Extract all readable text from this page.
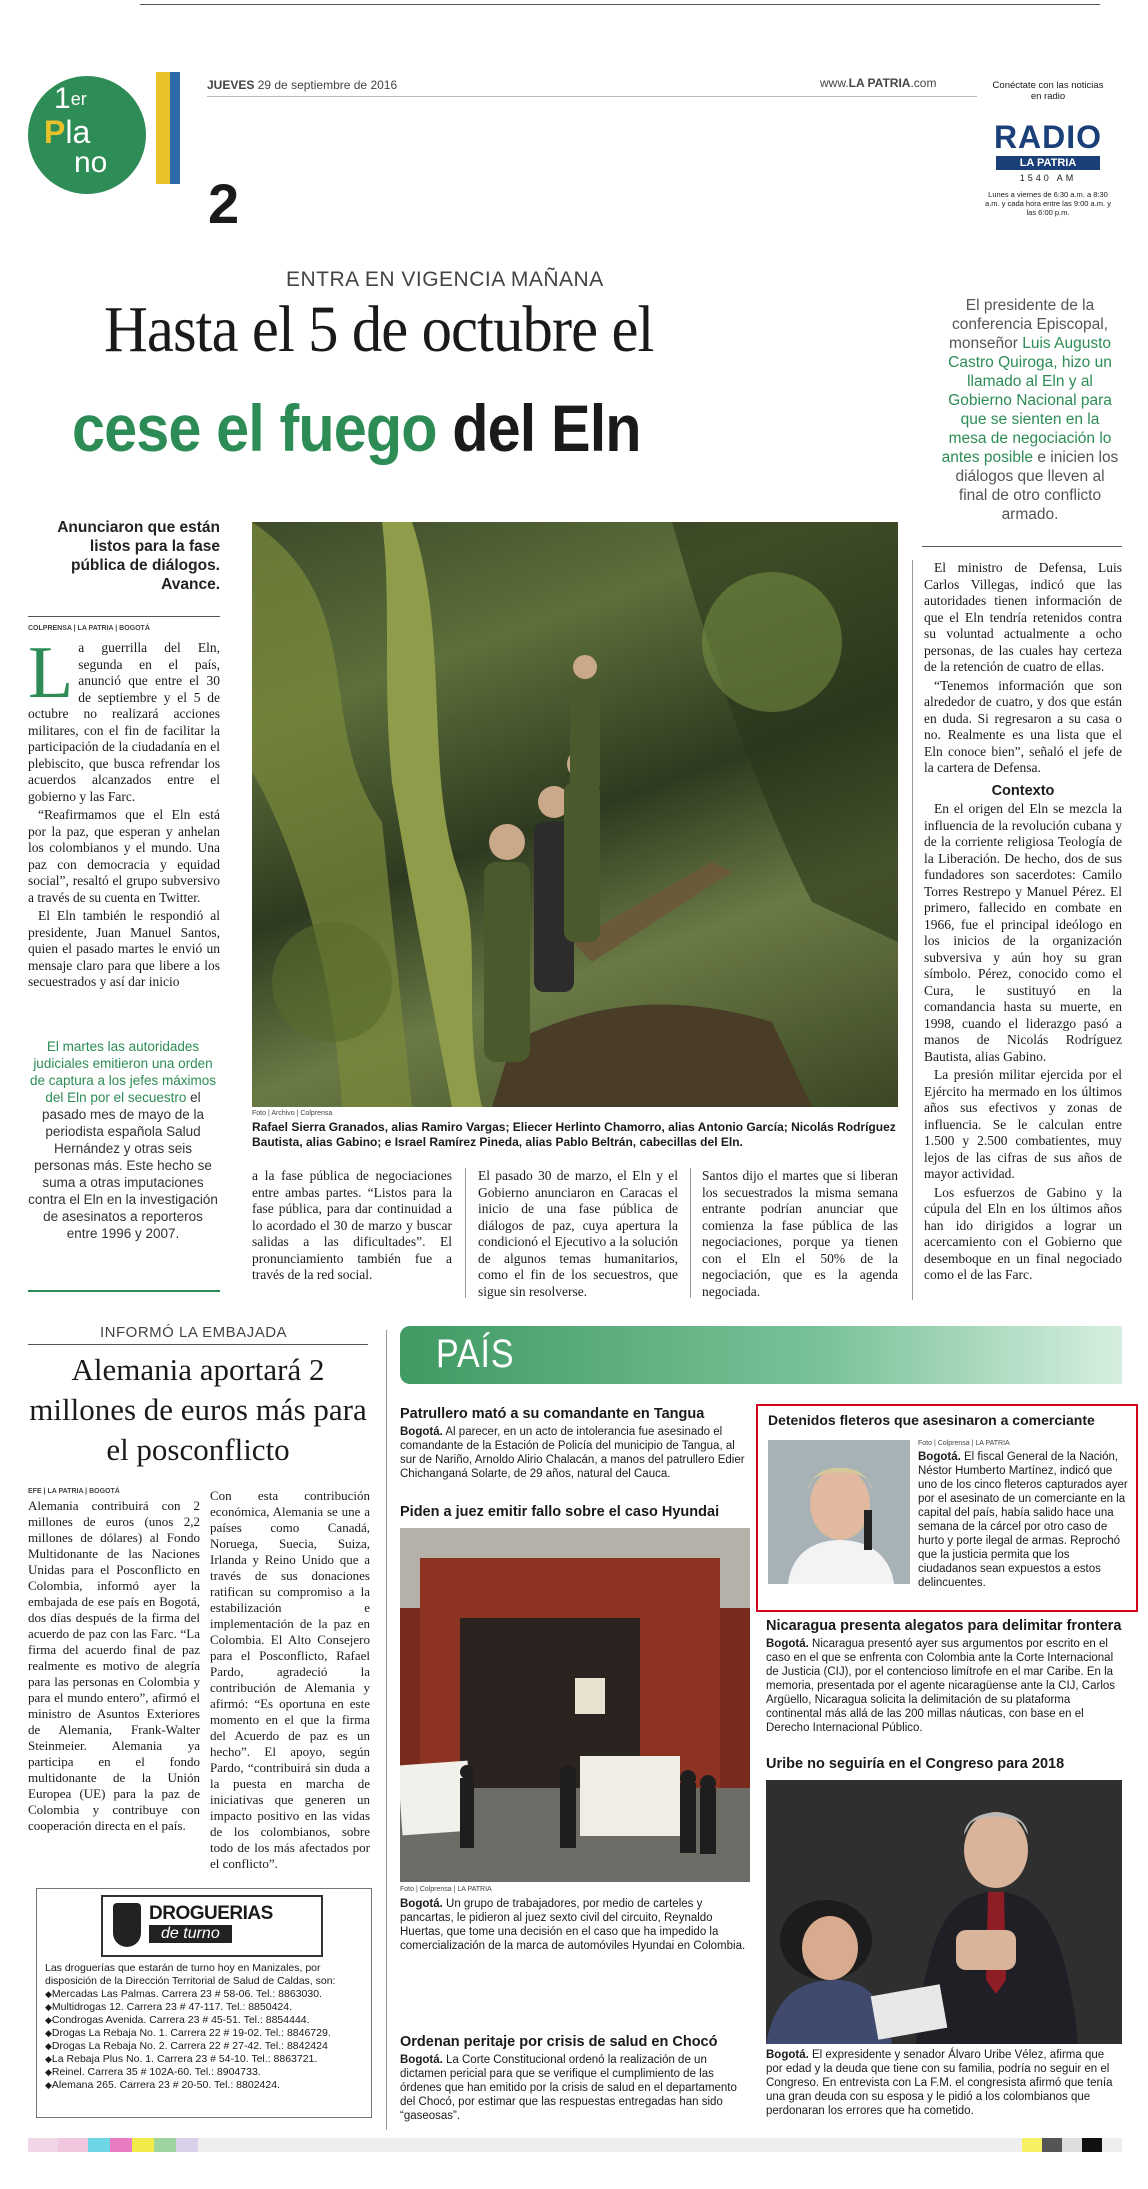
1er
Pla
no
2
JUEVES 29 de septiembre de 2016	www.LA PATRIA.com	Conéctate con las noticias en radio
RADIO
LA PATRIA
1540 AM
Lunes a viernes de 6:30 a.m. a 8:30 a.m. y cada hora entre las 9:00 a.m. y las 6:00 p.m.
ENTRA EN VIGENCIA MAÑANA
Hasta el 5 de octubre el
cese el fuego del Eln
El presidente de la conferencia Episcopal, monseñor Luis Augusto Castro Quiroga, hizo un llamado al Eln y al Gobierno Nacional para que se sienten en la mesa de negociación lo antes posible e inicien los diálogos que lleven al final de otro conflicto armado.
Anunciaron que están listos para la fase pública de diálogos. Avance.
COLPRENSA | LA PATRIA | BOGOTÁ

La guerrilla del Eln, segunda en el país, anunció que entre el 30 de septiembre y el 5 de octubre no realizará acciones militares, con el fin de facilitar la participación de la ciudadanía en el plebiscito, que busca refrendar los acuerdos alcanzados entre el gobierno y las Farc.

“Reafirmamos que el Eln está por la paz, que esperan y anhelan los colombianos y el mundo. Una paz con democracia y equidad social”, resaltó el grupo subversivo a través de su cuenta en Twitter.

El Eln también le respondió al presidente, Juan Manuel Santos, quien el pasado martes le envió un mensaje claro para que libere a los secuestrados y así dar inicio

El martes las autoridades judiciales emitieron una orden de captura a los jefes máximos del Eln por el secuestro el pasado mes de mayo de la periodista española Salud Hernández y otras seis personas más. Este hecho se suma a otras imputaciones contra el Eln en la investigación de asesinatos a reporteros entre 1996 y 2007.
Foto | Archivo | Colprensa
Rafael Sierra Granados, alias Ramiro Vargas; Eliecer Herlinto Chamorro, alias Antonio García; Nicolás Rodríguez Bautista, alias Gabino; e Israel Ramírez Pineda, alias Pablo Beltrán, cabecillas del Eln.
a la fase pública de negociaciones entre ambas partes. “Listos para la fase pública, para dar continuidad a lo acordado el 30 de marzo y buscar salidas a las dificultades”. El pronunciamiento también fue a través de la red social.
El pasado 30 de marzo, el Eln y el Gobierno anunciaron en Caracas el inicio de una fase pública de diálogos de paz, cuya apertura la condicionó el Ejecutivo a la solución de algunos temas humanitarios, como el fin de los secuestros, que sigue sin resolverse.
Santos dijo el martes que si liberan los secuestrados la misma semana entrante podrían anunciar que comienza la fase pública de las negociaciones, porque ya tienen con el Eln el 50% de la negociación, que es la agenda negociada.

El ministro de Defensa, Luis Carlos Villegas, indicó que las autoridades tienen información de que el Eln tendría retenidos contra su voluntad actualmente a ocho personas, de las cuales hay certeza de la retención de cuatro de ellas.

“Tenemos información que son alrededor de cuatro, y dos que están en duda. Si regresaron a su casa o no. Realmente es una lista que el Eln conoce bien”, señaló el jefe de la cartera de Defensa.

Contexto

En el origen del Eln se mezcla la influencia de la revolución cubana y de la corriente religiosa Teología de la Liberación. De hecho, dos de sus fundadores son sacerdotes: Camilo Torres Restrepo y Manuel Pérez. El primero, fallecido en combate en 1966, fue el principal ideólogo en los inicios de la organización subversiva y aún hoy su gran símbolo. Pérez, conocido como el Cura, le sustituyó en la comandancia hasta su muerte, en 1998, cuando el liderazgo pasó a manos de Nicolás Rodríguez Bautista, alias Gabino.

La presión militar ejercida por el Ejército ha mermado en los últimos años sus efectivos y zonas de influencia. Se le calculan entre 1.500 y 2.500 combatientes, muy lejos de las cifras de sus años de mayor actividad.

Los esfuerzos de Gabino y la cúpula del Eln en los últimos años han ido dirigidos a lograr un acercamiento con el Gobierno que desemboque en un final negociado como el de las Farc.

INFORMÓ LA EMBAJADA
Alemania aportará 2 millones de euros más para el posconflicto
EFE | LA PATRIA | BOGOTÁ
Alemania contribuirá con 2 millones de euros (unos 2,2 millones de dólares) al Fondo Multidonante de las Naciones Unidas para el Posconflicto en Colombia, informó ayer la embajada de ese país en Bogotá, dos días después de la firma del acuerdo de paz con las Farc. “La firma del acuerdo final de paz realmente es motivo de alegría para las personas en Colombia y para el mundo entero”, afirmó el ministro de Asuntos Exteriores de Alemania, Frank-Walter Steinmeier. Alemania ya participa en el fondo multidonante de la Unión Europea (UE) para la paz de Colombia y contribuye con cooperación directa en el país.
Con esta contribución económica, Alemania se une a países como Canadá, Noruega, Suecia, Suiza, Irlanda y Reino Unido que a través de sus donaciones ratifican su compromiso a la estabilización e implementación de la paz en Colombia. El Alto Consejero para el Posconflicto, Rafael Pardo, agradeció la contribución de Alemania y afirmó: “Es oportuna en este momento en el que la firma del Acuerdo de paz es un hecho”. El apoyo, según Pardo, “contribuirá sin duda a la puesta en marcha de iniciativas que generen un impacto positivo en las vidas de los colombianos, sobre todo de los más afectados por el conflicto”.
DROGUERIAS
de turno
Las droguerías que estarán de turno hoy en Manizales, por disposición de la Dirección Territorial de Salud de Caldas, son:
◆ Mercadas Las Palmas. Carrera 23 # 58-06. Tel.: 8863030.
◆ Multidrogas 12. Carrera 23 # 47-117. Tel.: 8850424.
◆ Condrogas Avenida. Carrera 23 # 45-51. Tel.: 8854444.
◆ Drogas La Rebaja No. 1. Carrera 22 # 19-02. Tel.: 8846729.
◆ Drogas La Rebaja No. 2. Carrera 22 # 27-42. Tel.: 8842424
◆ La Rebaja Plus No. 1. Carrera 23 # 54-10. Tel.: 8863721.
◆ Reinel. Carrera 35 # 102A-60. Tel.: 8904733.
◆ Alemana 265. Carrera 23 # 20-50. Tel.: 8802424.
PAÍS
Patrullero mató a su comandante en Tangua
Bogotá. Al parecer, en un acto de intolerancia fue asesinado el comandante de la Estación de Policía del municipio de Tangua, al sur de Nariño, Arnoldo Alirio Chalacán, a manos del patrullero Edier Chichanganá Solarte, de 29 años, natural del Cauca.
Piden a juez emitir fallo sobre el caso Hyundai
Foto | Colprensa | LA PATRIA
Bogotá. Un grupo de trabajadores, por medio de carteles y pancartas, le pidieron al juez sexto civil del circuito, Reynaldo Huertas, que tome una decisión en el caso que ha impedido la comercialización de la marca de automóviles Hyundai en Colombia.
Ordenan peritaje por crisis de salud en Chocó
Bogotá. La Corte Constitucional ordenó la realización de un dictamen pericial para que se verifique el cumplimiento de las órdenes que han emitido por la crisis de salud en el departamento del Chocó, por estimar que las respuestas entregadas han sido “gaseosas”.
Detenidos fleteros que asesinaron a comerciante
Foto | Colprensa | LA PATRIA
Bogotá. El fiscal General de la Nación, Néstor Humberto Martínez, indicó que uno de los cinco fleteros capturados ayer por el asesinato de un comerciante en la capital del país, había salido hace una semana de la cárcel por otro caso de hurto y porte ilegal de armas. Reprochó que la justicia permita que los ciudadanos sean expuestos a estos delincuentes.
Nicaragua presenta alegatos para delimitar frontera
Bogotá. Nicaragua presentó ayer sus argumentos por escrito en el caso en el que se enfrenta con Colombia ante la Corte Internacional de Justicia (CIJ), por el contencioso limítrofe en el mar Caribe. En la memoria, presentada por el agente nicaragüense ante la CIJ, Carlos Argüello, Nicaragua solicita la delimitación de su plataforma continental más allá de las 200 millas náuticas, con base en el Derecho Internacional Público.
Uribe no seguiría en el Congreso para 2018
Bogotá. El expresidente y senador Álvaro Uribe Vélez, afirma que por edad y la deuda que tiene con su familia, podría no seguir en el Congreso. En entrevista con La F.M. el congresista afirmó que tenía una gran deuda con su esposa y le pidió a los colombianos que perdonaran los errores que ha cometido.
